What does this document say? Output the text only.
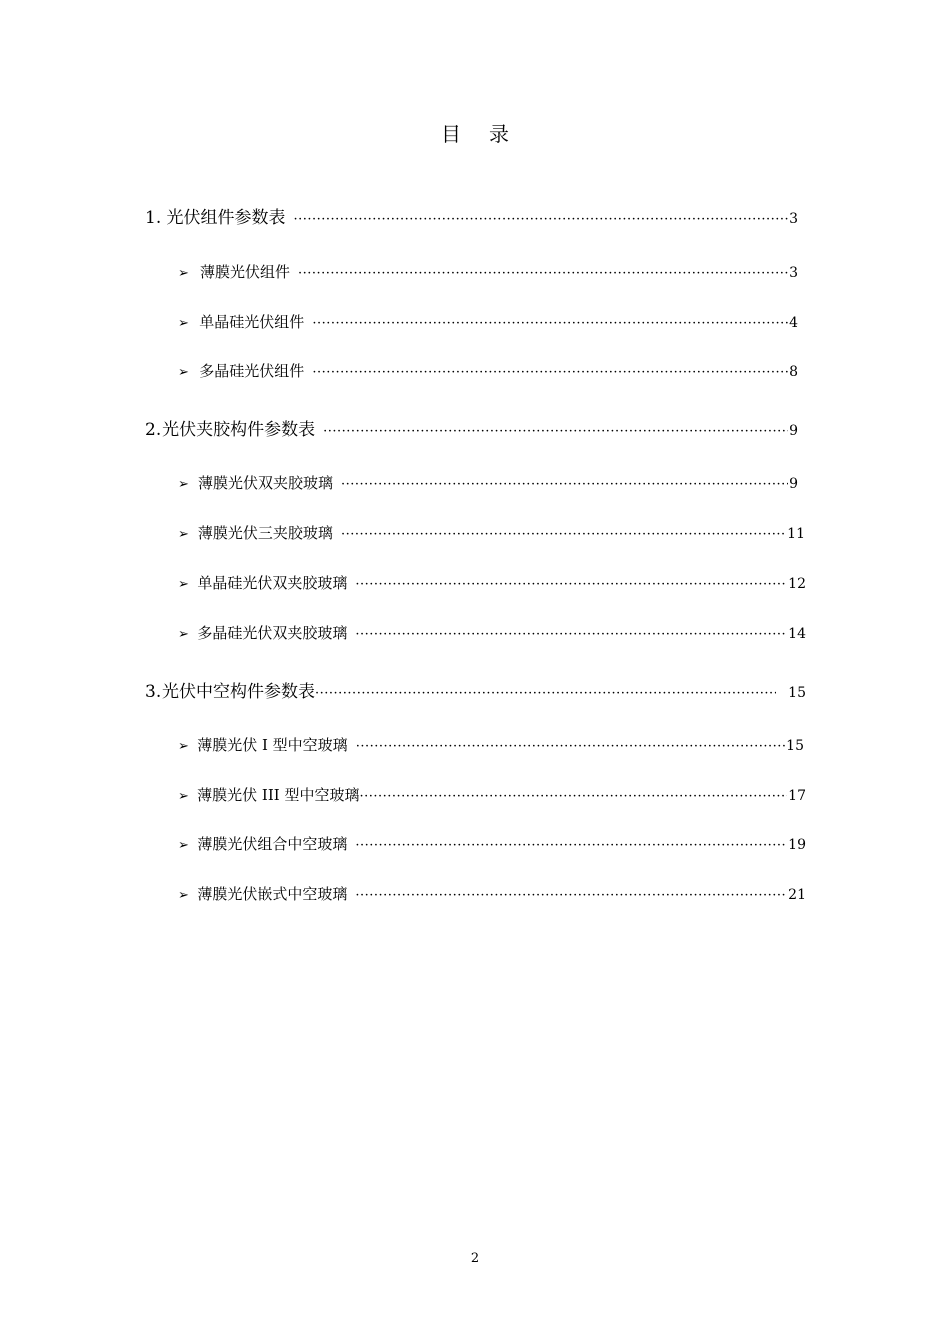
目 录
1. 光伏组件参数表 ·····	3
➢ 薄膜光伏组件 ·····	3
➢ 单晶硅光伏组件 ·····	4
➢ 多晶硅光伏组件 ·····	8
2. 光伏夹胶构件参数表 ·····	9
➢ 薄膜光伏双夹胶玻璃 ·····	9
➢ 薄膜光伏三夹胶玻璃 ·····	11
➢ 单晶硅光伏双夹胶玻璃 ·····	12
➢ 多晶硅光伏双夹胶玻璃 ·····	14
3. 光伏中空构件参数表 ·····	15
➢ 薄膜光伏 I 型中空玻璃 ·····	15
➢ 薄膜光伏 III 型中空玻璃 ·····	17
➢ 薄膜光伏组合中空玻璃 ·····	19
➢ 薄膜光伏嵌式中空玻璃 ·····	21
2
